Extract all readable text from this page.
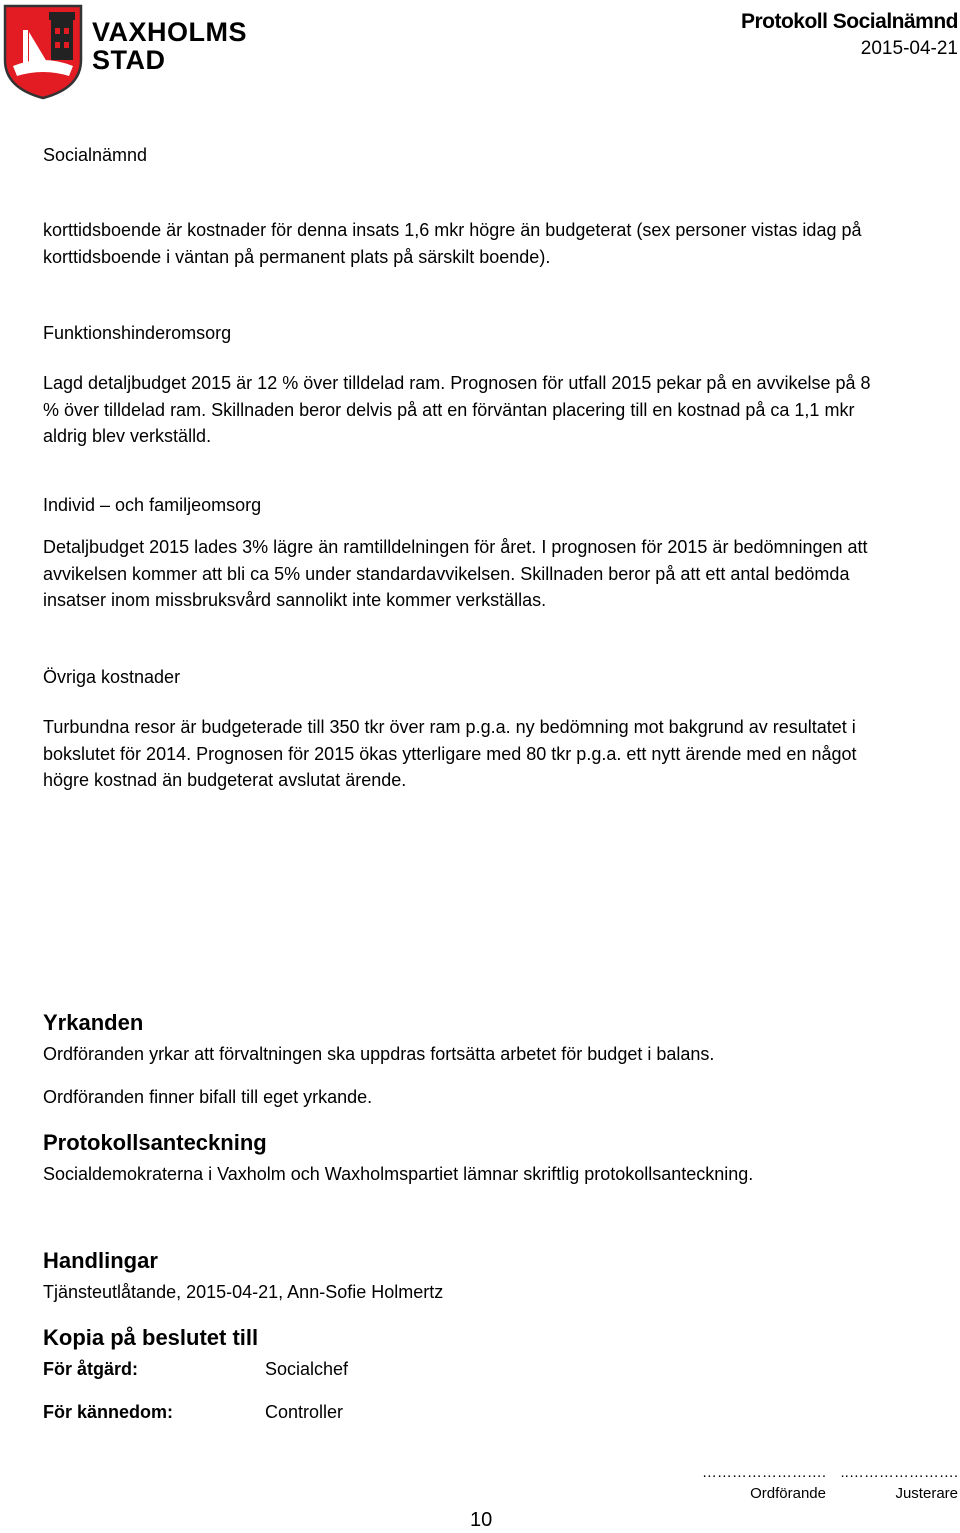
VAXHOLMS
STAD
Protokoll Socialnämnd
2015-04-21
Socialnämnd
korttidsboende är kostnader för denna insats 1,6 mkr högre än budgeterat (sex personer vistas idag på
korttidsboende i väntan på permanent plats på särskilt boende).
Funktionshinderomsorg
Lagd detaljbudget 2015 är 12 % över tilldelad ram. Prognosen för utfall 2015 pekar på en avvikelse på 8
% över tilldelad ram. Skillnaden beror delvis på att en förväntan placering till en kostnad på ca 1,1 mkr
aldrig blev verkställd.
Individ – och familjeomsorg
Detaljbudget 2015 lades 3% lägre än ramtilldelningen för året. I prognosen för 2015 är bedömningen att
avvikelsen kommer att bli ca 5% under standardavvikelsen. Skillnaden beror på att ett antal bedömda
insatser inom missbruksvård sannolikt inte kommer verkställas.
Övriga kostnader
Turbundna resor är budgeterade till 350 tkr över ram p.g.a. ny bedömning mot bakgrund av resultatet i
bokslutet för 2014. Prognosen för 2015 ökas ytterligare med 80 tkr p.g.a. ett nytt ärende med en något
högre kostnad än budgeterat avslutat ärende.
Yrkanden
Ordföranden yrkar att förvaltningen ska uppdras fortsätta arbetet för budget i balans.
Ordföranden finner bifall till eget yrkande.
Protokollsanteckning
Socialdemokraterna i Vaxholm och Waxholmspartiet lämnar skriftlig protokollsanteckning.
Handlingar
Tjänsteutlåtande, 2015-04-21, Ann-Sofie Holmertz
Kopia på beslutet till
För åtgärd:	Socialchef
För kännedom:	Controller
10
……………………. ..………………….
Ordförande	Justerare
